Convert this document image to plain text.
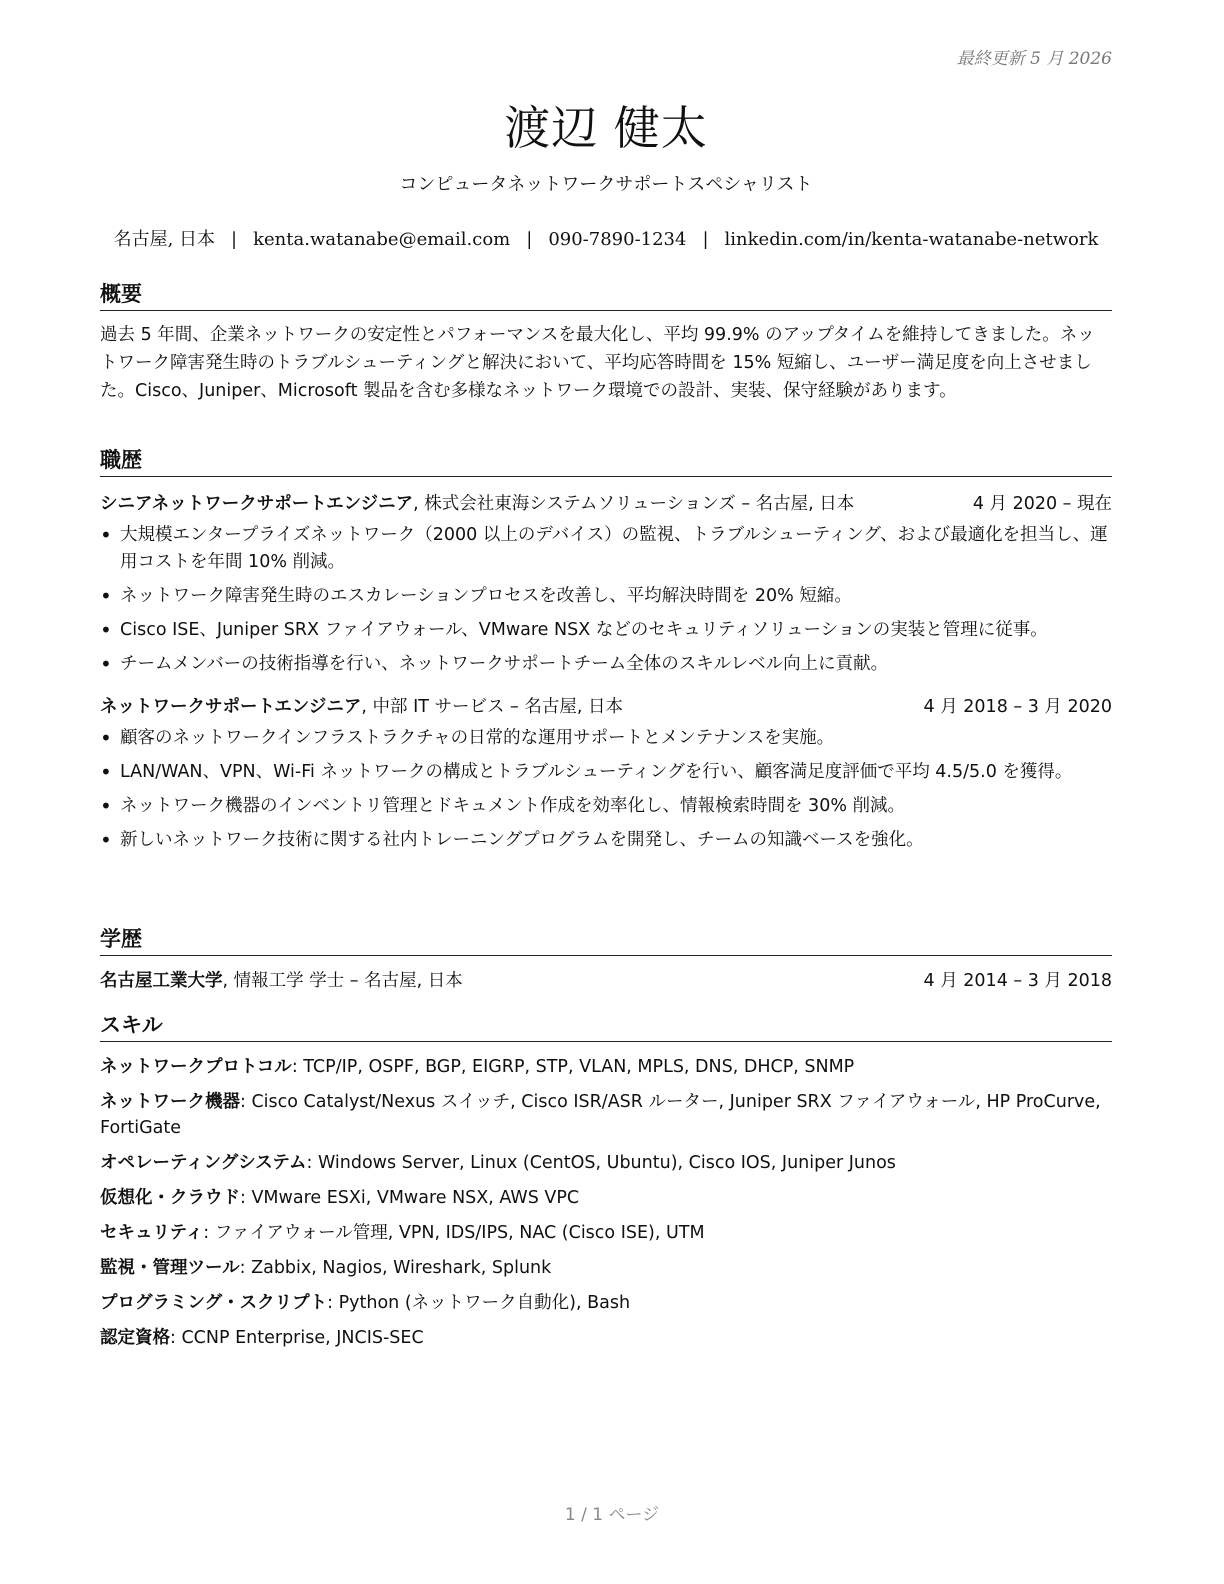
最終更新 5 月 2026
渡辺 健太
コンピュータネットワークサポートスペシャリスト
名古屋, 日本 | kenta.watanabe@email.com | 090-7890-1234 | linkedin.com/in/kenta-watanabe-network
概要
過去 5 年間、企業ネットワークの安定性とパフォーマンスを最大化し、平均 99.9% のアップタイムを維持してきました。ネットワーク障害発生時のトラブルシューティングと解決において、平均応答時間を 15% 短縮し、ユーザー満足度を向上させました。Cisco、Juniper、Microsoft 製品を含む多様なネットワーク環境での設計、実装、保守経験があります。
職歴
シニアネットワークサポートエンジニア, 株式会社東海システムソリューションズ – 名古屋, 日本	4 月 2020 – 現在
• 大規模エンタープライズネットワーク（2000 以上のデバイス）の監視、トラブルシューティング、および最適化を担当し、運用コストを年間 10% 削減。
• ネットワーク障害発生時のエスカレーションプロセスを改善し、平均解決時間を 20% 短縮。
• Cisco ISE、Juniper SRX ファイアウォール、VMware NSX などのセキュリティソリューションの実装と管理に従事。
• チームメンバーの技術指導を行い、ネットワークサポートチーム全体のスキルレベル向上に貢献。
ネットワークサポートエンジニア, 中部 IT サービス – 名古屋, 日本	4 月 2018 – 3 月 2020
• 顧客のネットワークインフラストラクチャの日常的な運用サポートとメンテナンスを実施。
• LAN/WAN、VPN、Wi-Fi ネットワークの構成とトラブルシューティングを行い、顧客満足度評価で平均 4.5/5.0 を獲得。
• ネットワーク機器のインベントリ管理とドキュメント作成を効率化し、情報検索時間を 30% 削減。
• 新しいネットワーク技術に関する社内トレーニングプログラムを開発し、チームの知識ベースを強化。
学歴
名古屋工業大学, 情報工学 学士 – 名古屋, 日本	4 月 2014 – 3 月 2018
スキル
ネットワークプロトコル: TCP/IP, OSPF, BGP, EIGRP, STP, VLAN, MPLS, DNS, DHCP, SNMP
ネットワーク機器: Cisco Catalyst/Nexus スイッチ, Cisco ISR/ASR ルーター, Juniper SRX ファイアウォール, HP ProCurve, FortiGate
オペレーティングシステム: Windows Server, Linux (CentOS, Ubuntu), Cisco IOS, Juniper Junos
仮想化・クラウド: VMware ESXi, VMware NSX, AWS VPC
セキュリティ: ファイアウォール管理, VPN, IDS/IPS, NAC (Cisco ISE), UTM
監視・管理ツール: Zabbix, Nagios, Wireshark, Splunk
プログラミング・スクリプト: Python (ネットワーク自動化), Bash
認定資格: CCNP Enterprise, JNCIS-SEC
1 / 1 ページ
